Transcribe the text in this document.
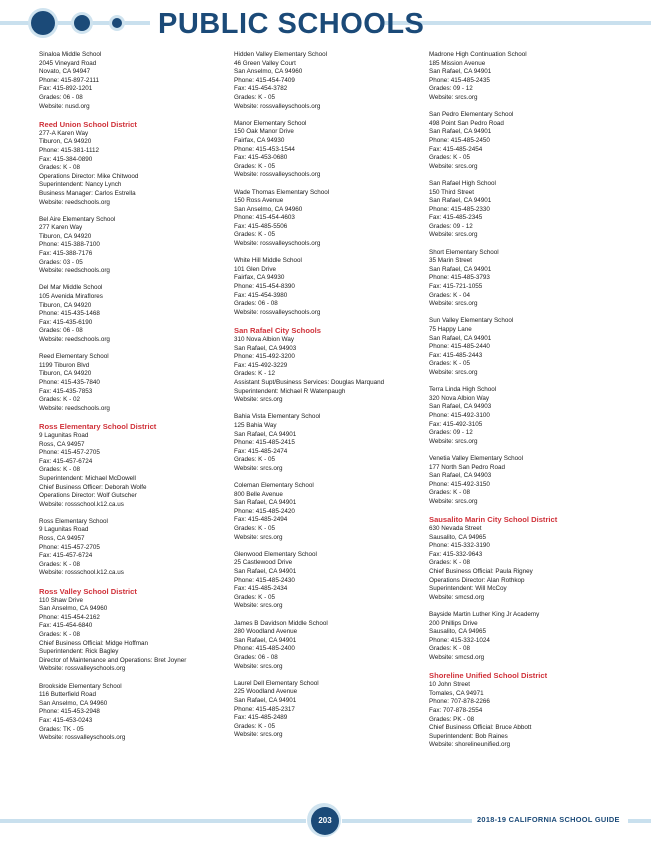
PUBLIC SCHOOLS
Sinaloa Middle School
2045 Vineyard Road
Novato, CA 94947
Phone: 415-897-2111
Fax: 415-892-1201
Grades: 06 - 08
Website: nusd.org
Reed Union School District
277-A Karen Way
Tiburon, CA 94920
Phone: 415-381-1112
Fax: 415-384-0890
Grades: K - 08
Operations Director: Mike Chitwood
Superintendent: Nancy Lynch
Business Manager: Carlos Estrella
Website: reedschools.org
Bel Aire Elementary School
277 Karen Way
Tiburon, CA 94920
Phone: 415-388-7100
Fax: 415-388-7176
Grades: 03 - 05
Website: reedschools.org
Del Mar Middle School
105 Avenida Miraflores
Tiburon, CA 94920
Phone: 415-435-1468
Fax: 415-435-6190
Grades: 06 - 08
Website: reedschools.org
Reed Elementary School
1199 Tiburon Blvd
Tiburon, CA 94920
Phone: 415-435-7840
Fax: 415-435-7853
Grades: K - 02
Website: reedschools.org
Ross Elementary School District
9 Lagunitas Road
Ross, CA 94957
Phone: 415-457-2705
Fax: 415-457-6724
Grades: K - 08
Superintendent: Michael McDowell
Chief Business Officer: Deborah Wolfe
Operations Director: Wolf Gutscher
Website: rossschool.k12.ca.us
Ross Elementary School
9 Lagunitas Road
Ross, CA 94957
Phone: 415-457-2705
Fax: 415-457-6724
Grades: K - 08
Website: rossschool.k12.ca.us
Ross Valley School District
110 Shaw Drive
San Anselmo, CA 94960
Phone: 415-454-2162
Fax: 415-454-6840
Grades: K - 08
Chief Business Official: Midge Hoffman
Superintendent: Rick Bagley
Director of Maintenance and Operations: Bret Joyner
Website: rossvalleyschools.org
Brookside Elementary School
116 Butterfield Road
San Anselmo, CA 94960
Phone: 415-453-2948
Fax: 415-453-0243
Grades: TK - 05
Website: rossvalleyschools.org
Hidden Valley Elementary School
46 Green Valley Court
San Anselmo, CA 94960
Phone: 415-454-7409
Fax: 415-454-3782
Grades: K - 05
Website: rossvalleyschools.org
Manor Elementary School
150 Oak Manor Drive
Fairfax, CA 94930
Phone: 415-453-1544
Fax: 415-453-0680
Grades: K - 05
Website: rossvalleyschools.org
Wade Thomas Elementary School
150 Ross Avenue
San Anselmo, CA 94960
Phone: 415-454-4603
Fax: 415-485-5506
Grades: K - 05
Website: rossvalleyschools.org
White Hill Middle School
101 Glen Drive
Fairfax, CA 94930
Phone: 415-454-8390
Fax: 415-454-3980
Grades: 06 - 08
Website: rossvalleyschools.org
San Rafael City Schools
310 Nova Albion Way
San Rafael, CA 94903
Phone: 415-492-3200
Fax: 415-492-3229
Grades: K - 12
Assistant Supt/Business Services: Douglas Marquand
Superintendent: Michael R Watenpaugh
Website: srcs.org
Bahia Vista Elementary School
125 Bahia Way
San Rafael, CA 94901
Phone: 415-485-2415
Fax: 415-485-2474
Grades: K - 05
Website: srcs.org
Coleman Elementary School
800 Belle Avenue
San Rafael, CA 94901
Phone: 415-485-2420
Fax: 415-485-2494
Grades: K - 05
Website: srcs.org
Glenwood Elementary School
25 Castlewood Drive
San Rafael, CA 94901
Phone: 415-485-2430
Fax: 415-485-2434
Grades: K - 05
Website: srcs.org
James B Davidson Middle School
280 Woodland Avenue
San Rafael, CA 94901
Phone: 415-485-2400
Grades: 06 - 08
Website: srcs.org
Laurel Dell Elementary School
225 Woodland Avenue
San Rafael, CA 94901
Phone: 415-485-2317
Fax: 415-485-2489
Grades: K - 05
Website: srcs.org
Madrone High Continuation School
185 Mission Avenue
San Rafael, CA 94901
Phone: 415-485-2435
Grades: 09 - 12
Website: srcs.org
San Pedro Elementary School
498 Point San Pedro Road
San Rafael, CA 94901
Phone: 415-485-2450
Fax: 415-485-2454
Grades: K - 05
Website: srcs.org
San Rafael High School
150 Third Street
San Rafael, CA 94901
Phone: 415-485-2330
Fax: 415-485-2345
Grades: 09 - 12
Website: srcs.org
Short Elementary School
35 Marin Street
San Rafael, CA 94901
Phone: 415-485-3793
Fax: 415-721-1055
Grades: K - 04
Website: srcs.org
Sun Valley Elementary School
75 Happy Lane
San Rafael, CA 94901
Phone: 415-485-2440
Fax: 415-485-2443
Grades: K - 05
Website: srcs.org
Terra Linda High School
320 Nova Albion Way
San Rafael, CA 94903
Phone: 415-492-3100
Fax: 415-492-3105
Grades: 09 - 12
Website: srcs.org
Venetia Valley Elementary School
177 North San Pedro Road
San Rafael, CA 94903
Phone: 415-492-3150
Grades: K - 08
Website: srcs.org
Sausalito Marin City School District
630 Nevada Street
Sausalito, CA 94965
Phone: 415-332-3190
Fax: 415-332-9643
Grades: K - 08
Chief Business Official: Paula Rigney
Operations Director: Alan Rothkop
Superintendent: Will McCoy
Website: smcsd.org
Bayside Martin Luther King Jr Academy
200 Phillips Drive
Sausalito, CA 94965
Phone: 415-332-1024
Grades: K - 08
Website: smcsd.org
Shoreline Unified School District
10 John Street
Tomales, CA 94971
Phone: 707-878-2266
Fax: 707-878-2554
Grades: PK - 08
Chief Business Official: Bruce Abbott
Superintendent: Bob Raines
Website: shorelineunified.org
203	2018-19 CALIFORNIA SCHOOL GUIDE
